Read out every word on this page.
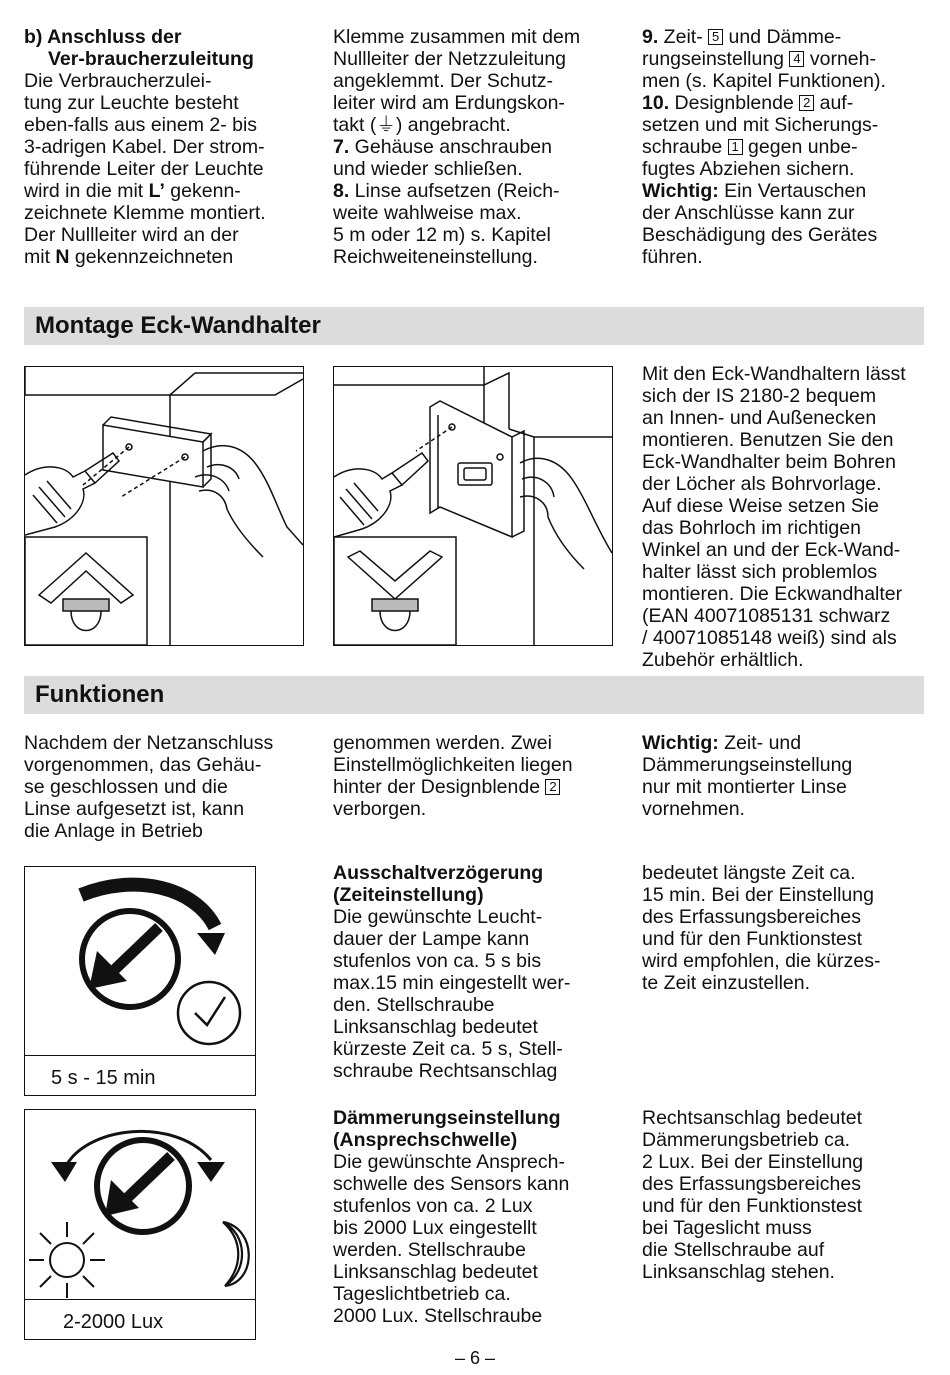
b) Anschluss der

Ver-braucherzuleitung

Die Verbraucherzulei-

tung zur Leuchte besteht

eben-falls aus einem 2- bis

3-adrigen Kabel. Der strom-

führende Leiter der Leuchte

wird in die mit L’ gekenn-

zeichnete Klemme montiert.

Der Nullleiter wird an der

mit N gekennzeichneten

Klemme zusammen mit dem

Nullleiter der Netzzuleitung

angeklemmt. Der Schutz-

leiter wird am Erdungskon-

takt (⏚) angebracht.

7. Gehäuse anschrauben

und wieder schließen.

8. Linse aufsetzen (Reich-

weite wahlweise max.

5 m oder 12 m) s. Kapitel

Reichweiteneinstellung.

9. Zeit- 5 und Dämme-

rungseinstellung 4 vorneh-

men (s. Kapitel Funktionen).

10. Designblende 2 auf-

setzen und mit Sicherungs-

schraube 1 gegen unbe-

fugtes Abziehen sichern.

Wichtig: Ein Vertauschen

der Anschlüsse kann zur

Beschädigung des Gerätes

führen.

Montage Eck-Wandhalter

Mit den Eck-Wandhaltern lässt

sich der IS 2180-2 bequem

an Innen- und Außenecken

montieren. Benutzen Sie den

Eck-Wandhalter beim Bohren

der Löcher als Bohrvorlage.

Auf diese Weise setzen Sie

das Bohrloch im richtigen

Winkel an und der Eck-Wand-

halter lässt sich problemlos

montieren. Die Eckwandhalter

(EAN 40071085131 schwarz

/ 40071085148 weiß) sind als

Zubehör erhältlich.

Funktionen

Nachdem der Netzanschluss

vorgenommen, das Gehäu-

se geschlossen und die

Linse aufgesetzt ist, kann

die Anlage in Betrieb

genommen werden. Zwei

Einstellmöglichkeiten liegen

hinter der Designblende 2

verborgen.

Wichtig: Zeit- und

Dämmerungseinstellung

nur mit montierter Linse

vornehmen.

5 s - 15 min

Ausschaltverzögerung

(Zeiteinstellung)

Die gewünschte Leucht-

dauer der Lampe kann

stufenlos von ca. 5 s bis

max.15 min eingestellt wer-

den. Stellschraube

Linksanschlag bedeutet

kürzeste Zeit ca. 5 s, Stell-

schraube Rechtsanschlag

bedeutet längste Zeit ca.

15 min. Bei der Einstellung

des Erfassungsbereiches

und für den Funktionstest

wird empfohlen, die kürzes-

te Zeit einzustellen.

2-2000 Lux

Dämmerungseinstellung

(Ansprechschwelle)

Die gewünschte Ansprech-

schwelle des Sensors kann

stufenlos von ca. 2 Lux

bis 2000 Lux eingestellt

werden. Stellschraube

Linksanschlag bedeutet

Tageslichtbetrieb ca.

2000 Lux. Stellschraube

Rechtsanschlag bedeutet

Dämmerungsbetrieb ca.

2 Lux. Bei der Einstellung

des Erfassungsbereiches

und für den Funktionstest

bei Tageslicht muss

die Stellschraube auf

Linksanschlag stehen.

– 6 –
